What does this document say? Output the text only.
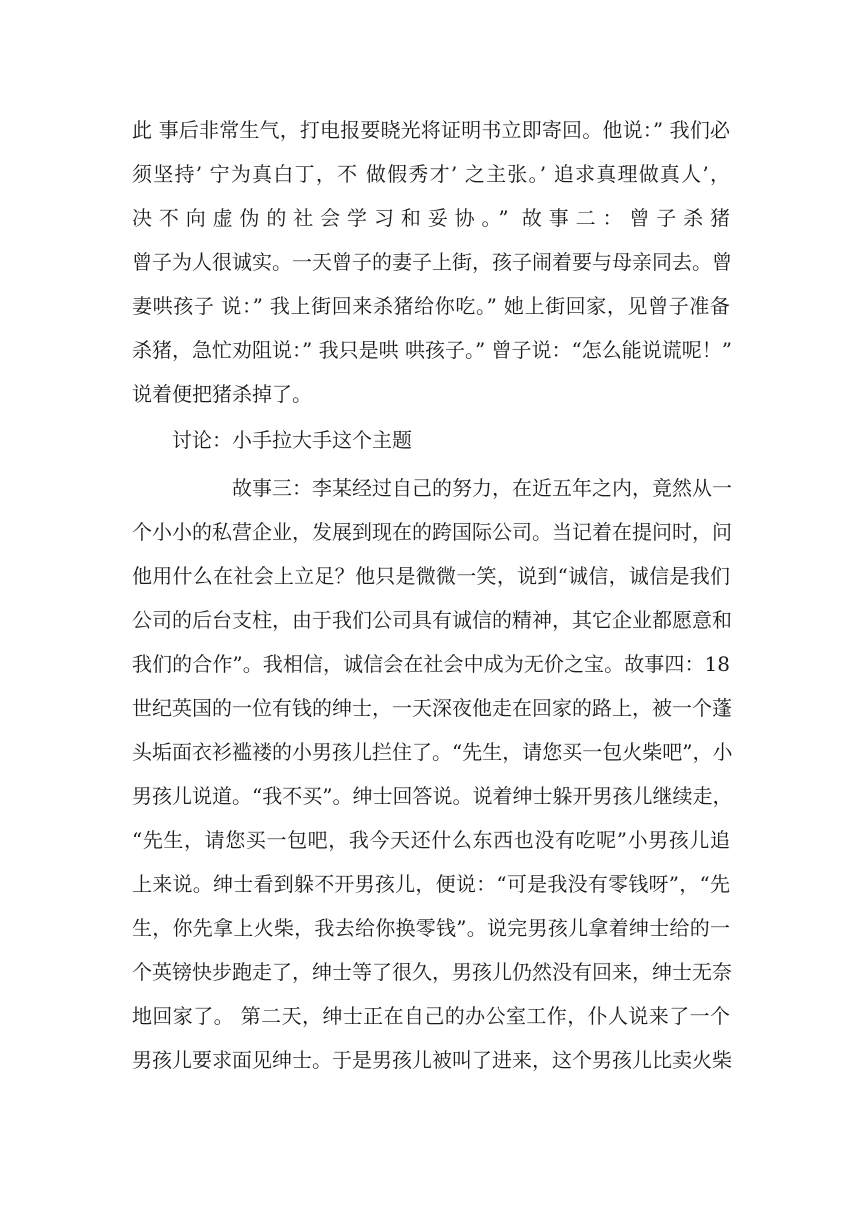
此 事后非常生气，打电报要晓光将证明书立即寄回。他说：” 我们必
须坚持’ 宁为真白丁，不 做假秀才’ 之主张。’ 追求真理做真人’，
决不向虚伪的社会学习和妥协。” 故事二：曾子杀猪
曾子为人很诚实。一天曾子的妻子上街，孩子闹着要与母亲同去。曾
妻哄孩子 说：” 我上街回来杀猪给你吃。” 她上街回家，见曾子准备
杀猪，急忙劝阻说：” 我只是哄 哄孩子。” 曾子说：“怎么能说谎呢！”
说着便把猪杀掉了。
讨论：小手拉大手这个主题
故事三：李某经过自己的努力，在近五年之内，竟然从一
个小小的私营企业，发展到现在的跨国际公司。当记着在提问时，问
他用什么在社会上立足？他只是微微一笑，说到“诚信，诚信是我们
公司的后台支柱，由于我们公司具有诚信的精神，其它企业都愿意和
我们的合作”。我相信，诚信会在社会中成为无价之宝。故事四：18
世纪英国的一位有钱的绅士，一天深夜他走在回家的路上，被一个蓬
头垢面衣衫褴褛的小男孩儿拦住了。“先生，请您买一包火柴吧”，小
男孩儿说道。“我不买”。绅士回答说。说着绅士躲开男孩儿继续走，
“先生，请您买一包吧，我今天还什么东西也没有吃呢”小男孩儿追
上来说。绅士看到躲不开男孩儿，便说：“可是我没有零钱呀”，“先
生，你先拿上火柴，我去给你换零钱”。说完男孩儿拿着绅士给的一
个英镑快步跑走了，绅士等了很久，男孩儿仍然没有回来，绅士无奈
地回家了。 第二天，绅士正在自己的办公室工作，仆人说来了一个
男孩儿要求面见绅士。于是男孩儿被叫了进来，这个男孩儿比卖火柴
